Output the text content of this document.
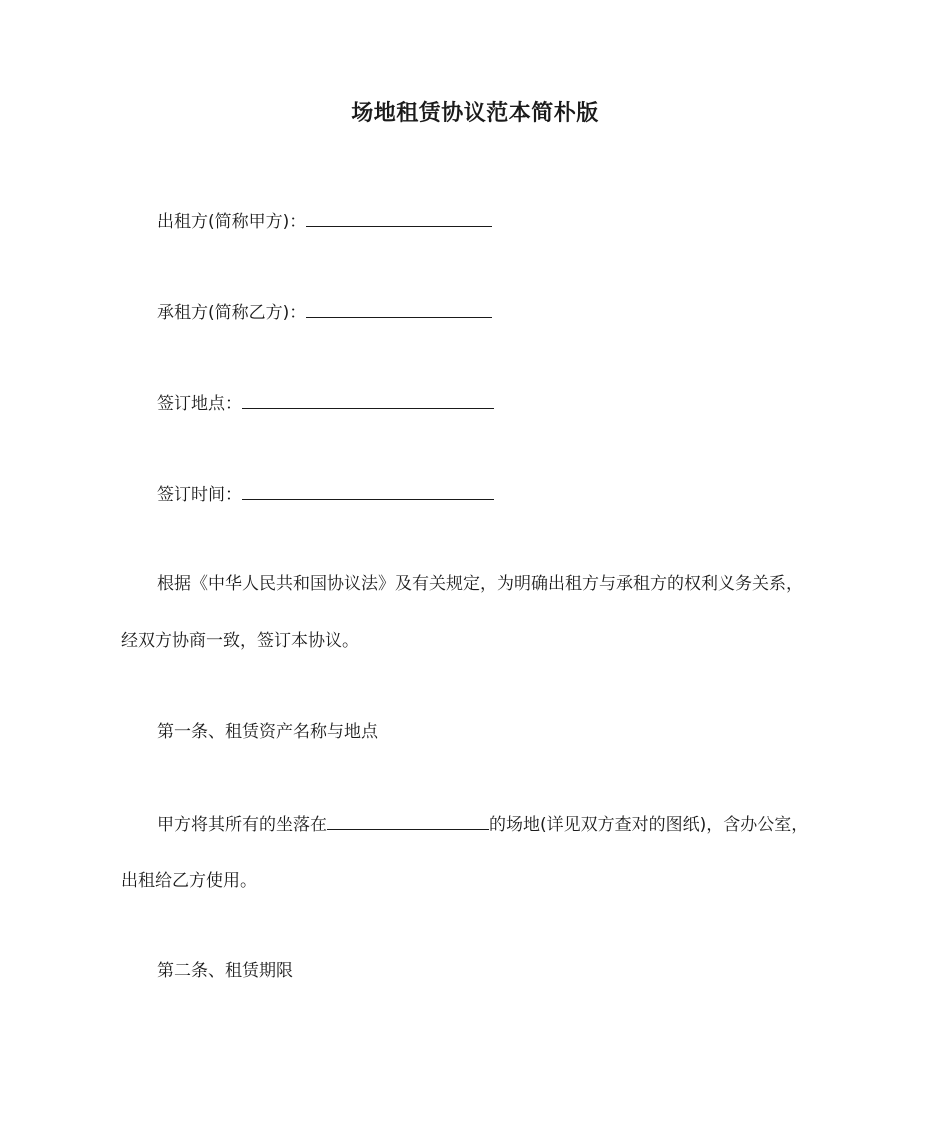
场地租赁协议范本简朴版
出租方(简称甲方)：
承租方(简称乙方)：
签订地点：
签订时间：
根据《中华人民共和国协议法》及有关规定，为明确出租方与承租方的权利义务关系，
经双方协商一致，签订本协议。
第一条、租赁资产名称与地点
甲方将其所有的坐落在	的场地(详见双方查对的图纸)，含办公室，
出租给乙方使用。
第二条、租赁期限
